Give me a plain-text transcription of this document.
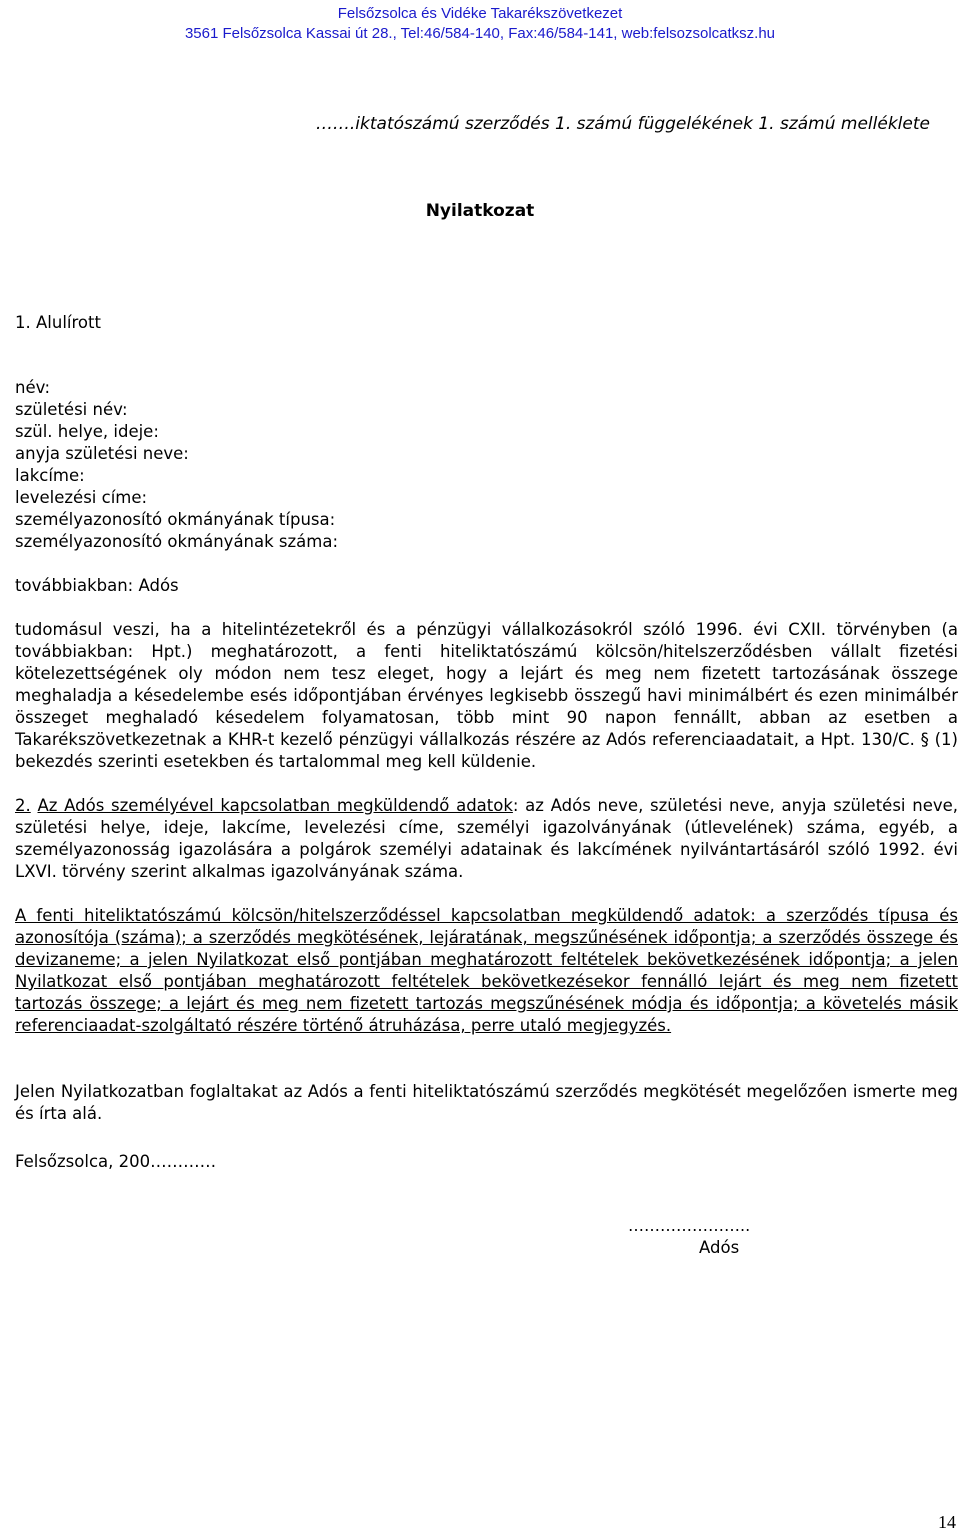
Felsőzsolca és Vidéke Takarékszövetkezet
3561 Felsőzsolca Kassai út 28., Tel:46/584-140, Fax:46/584-141, web:felsozsolcatksz.hu
…….iktatószámú szerződés 1. számú függelékének 1. számú melléklete
Nyilatkozat
1. Alulírott
név:
születési név:
szül. helye, ideje:
anyja születési neve:
lakcíme:
levelezési címe:
személyazonosító okmányának típusa:
személyazonosító okmányának száma:
továbbiakban: Adós
tudomásul veszi, ha a hitelintézetekről és a pénzügyi vállalkozásokról szóló 1996. évi CXII. törvényben (a továbbiakban: Hpt.) meghatározott, a fenti hiteliktatószámú kölcsön/hitelszerződésben vállalt fizetési kötelezettségének oly módon nem tesz eleget, hogy a lejárt és meg nem fizetett tartozásának összege meghaladja a késedelembe esés időpontjában érvényes legkisebb összegű havi minimálbért és ezen minimálbér összeget meghaladó késedelem folyamatosan, több mint 90 napon fennállt, abban az esetben a Takarékszövetkezetnak a KHR-t kezelő pénzügyi vállalkozás részére az Adós referenciaadatait, a Hpt. 130/C. § (1) bekezdés szerinti esetekben és tartalommal meg kell küldenie.
2. Az Adós személyével kapcsolatban megküldendő adatok: az Adós neve, születési neve, anyja születési neve, születési helye, ideje, lakcíme, levelezési címe, személyi igazolványának (útlevelének) száma, egyéb, a személyazonosság igazolására a polgárok személyi adatainak és lakcímének nyilvántartásáról szóló 1992. évi LXVI. törvény szerint alkalmas igazolványának száma.
A fenti hiteliktatószámú kölcsön/hitelszerződéssel kapcsolatban megküldendő adatok: a szerződés típusa és azonosítója (száma); a szerződés megkötésének, lejáratának, megszűnésének időpontja; a szerződés összege és devizaneme; a jelen Nyilatkozat első pontjában meghatározott feltételek bekövetkezésének időpontja; a jelen Nyilatkozat első pontjában meghatározott feltételek bekövetkezésekor fennálló lejárt és meg nem fizetett tartozás összege; a lejárt és meg nem fizetett tartozás megszűnésének módja és időpontja; a követelés másik referenciaadat-szolgáltató részére történő átruházása, perre utaló megjegyzés.
Jelen Nyilatkozatban foglaltakat az Adós a fenti hiteliktatószámú szerződés megkötését megelőzően ismerte meg és írta alá.
Felsőzsolca, 200…………
…………………..
Adós
14
